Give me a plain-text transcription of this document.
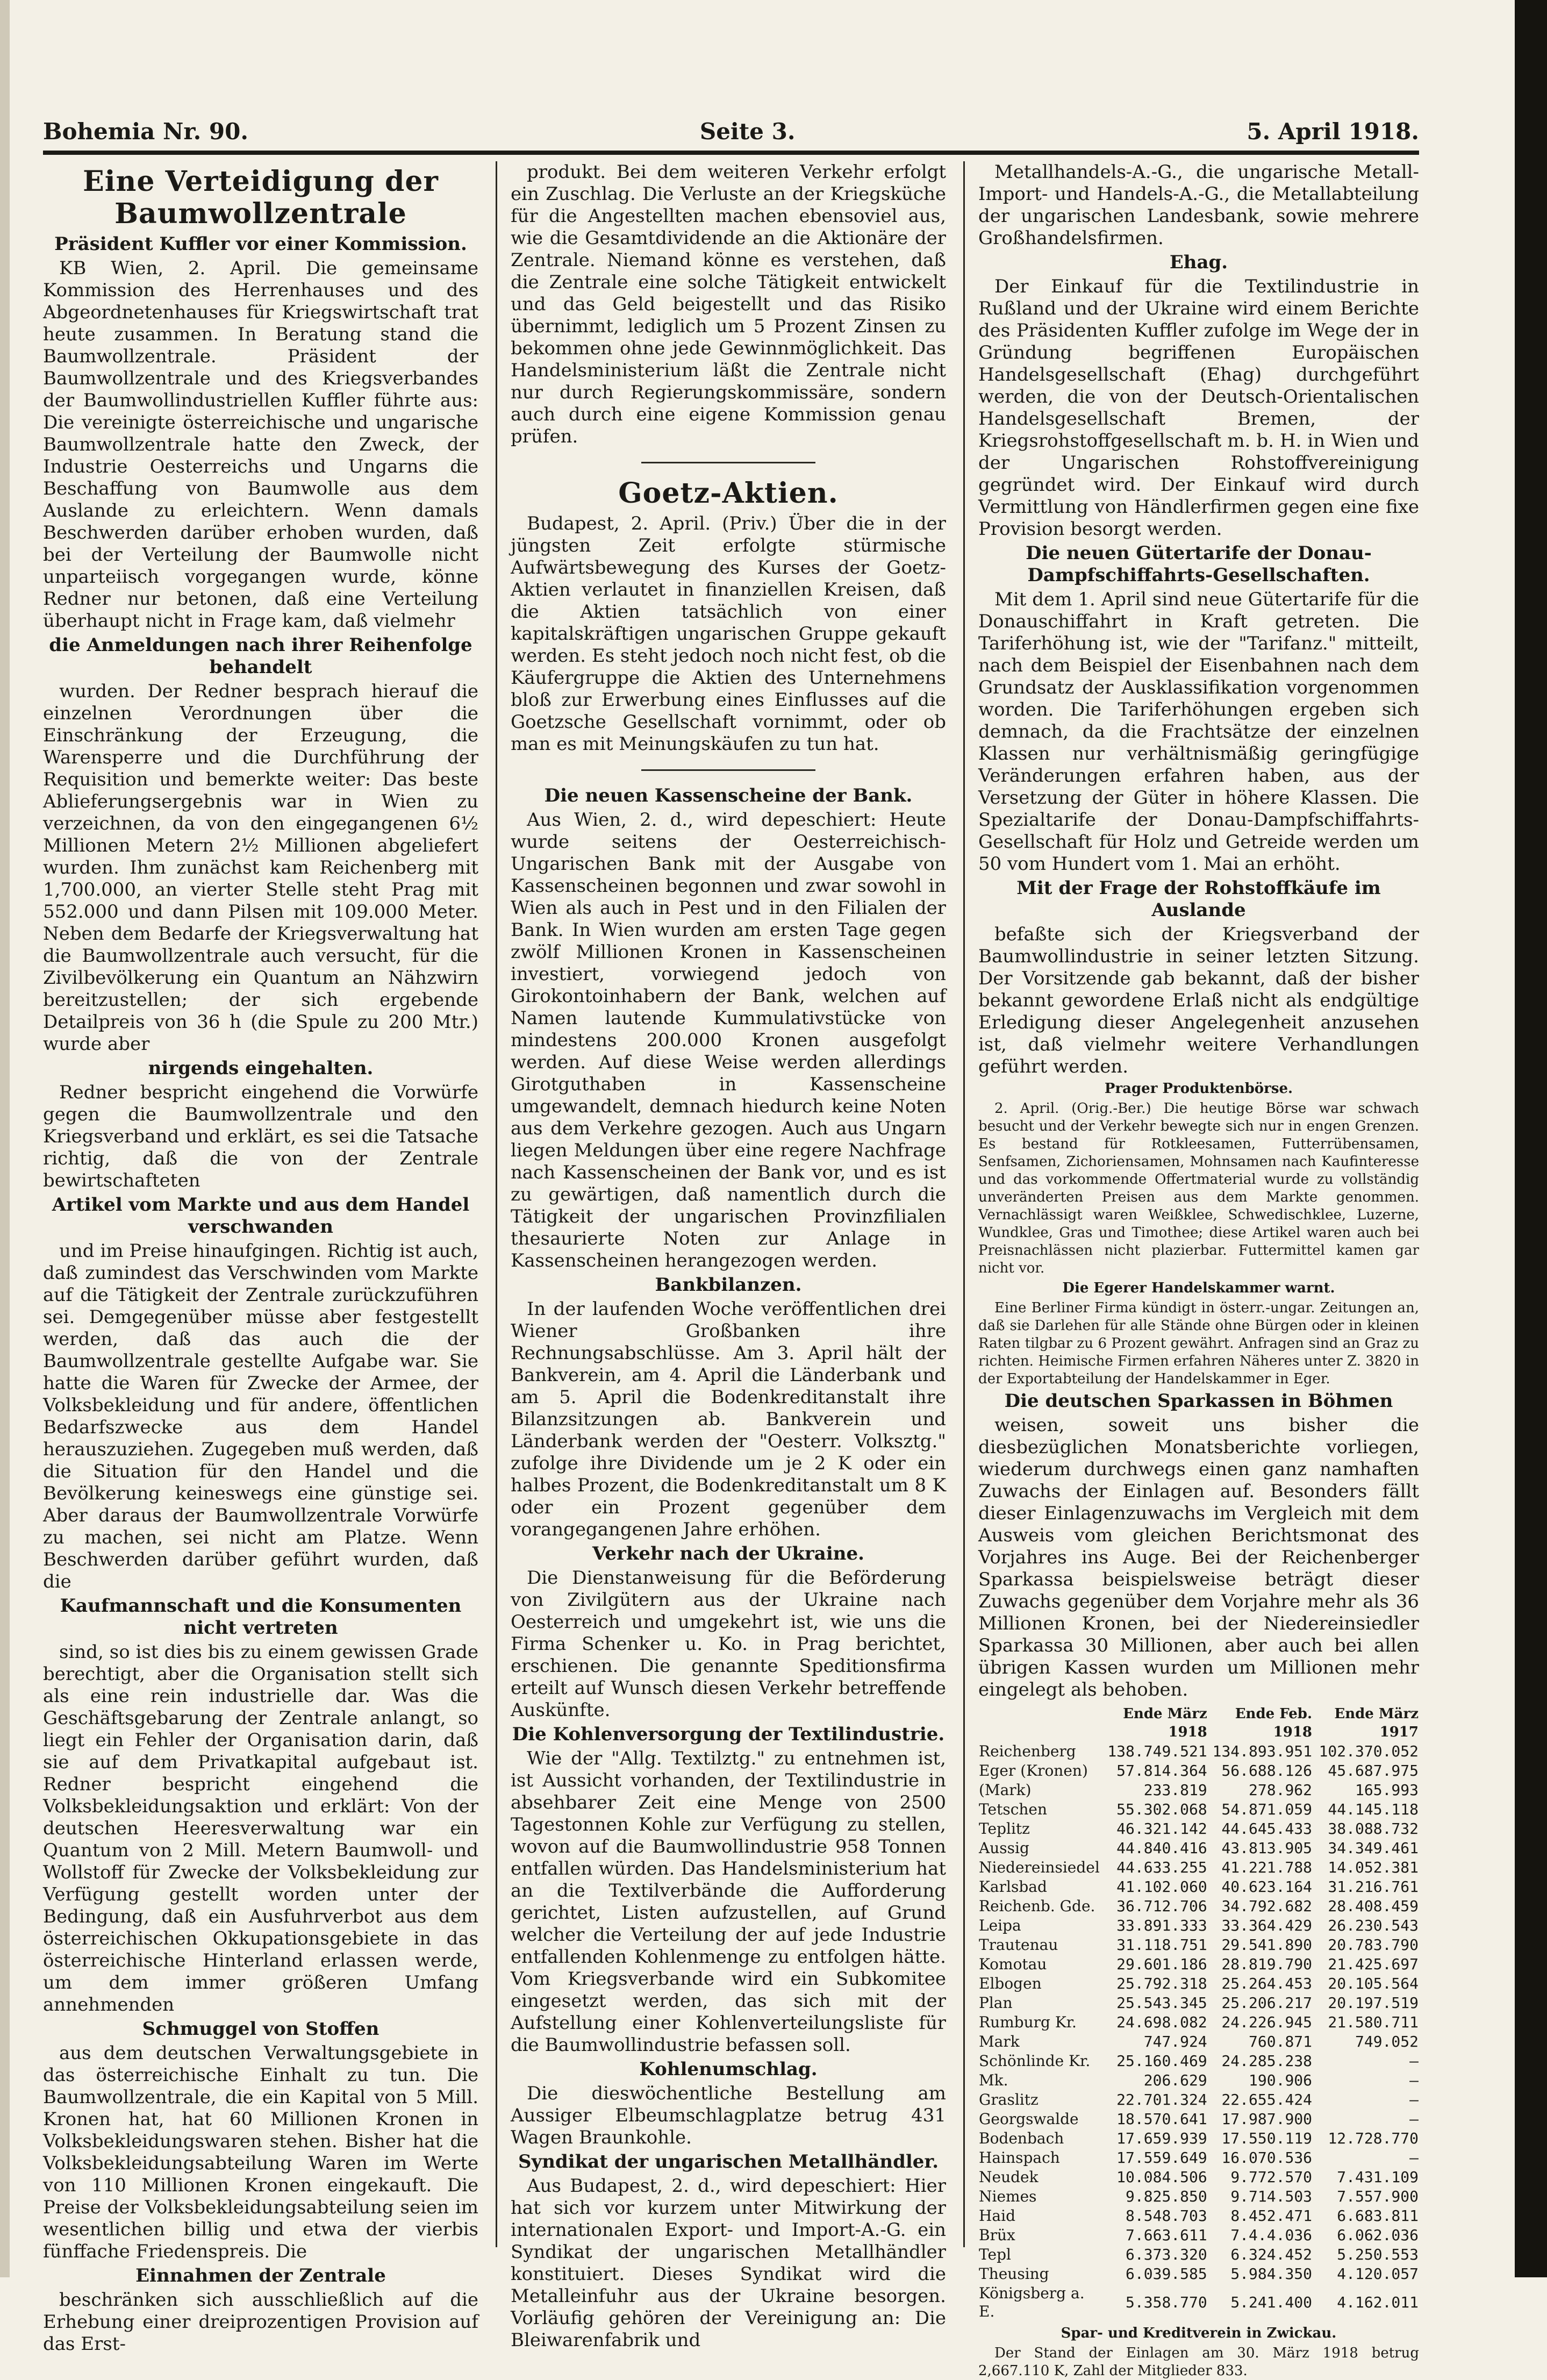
Bohemia Nr. 90.	Seite 3.	5. April 1918.
Eine Verteidigung der Baumwollzentrale
Präsident Kuffler vor einer Kommission.

KB Wien, 2. April. Die gemeinsame Kommission des Herrenhauses und des Abgeordnetenhauses für Kriegswirtschaft trat heute zusammen. In Beratung stand die Baumwollzentrale. Präsident der Baumwollzentrale und des Kriegsverbandes der Baumwollindustriellen Kuffler führte aus: Die vereinigte österreichische und ungarische Baumwollzentrale hatte den Zweck, der Industrie Oesterreichs und Ungarns die Beschaffung von Baumwolle aus dem Auslande zu erleichtern. Wenn damals Beschwerden darüber erhoben wurden, daß bei der Verteilung der Baumwolle nicht unparteiisch vorgegangen wurde, könne Redner nur betonen, daß eine Verteilung überhaupt nicht in Frage kam, daß vielmehr

die Anmeldungen nach ihrer Reihenfolge behandelt

wurden. Der Redner besprach hierauf die einzelnen Verordnungen über die Einschränkung der Erzeugung, die Warensperre und die Durchführung der Requisition und bemerkte weiter: Das beste Ablieferungsergebnis war in Wien zu verzeichnen, da von den eingegangenen 6½ Millionen Metern 2½ Millionen abgeliefert wurden. Ihm zunächst kam Reichenberg mit 1,700.000, an vierter Stelle steht Prag mit 552.000 und dann Pilsen mit 109.000 Meter. Neben dem Bedarfe der Kriegsverwaltung hat die Baumwollzentrale auch versucht, für die Zivilbevölkerung ein Quantum an Nähzwirn bereitzustellen; der sich ergebende Detailpreis von 36 h (die Spule zu 200 Mtr.) wurde aber

nirgends eingehalten.

Redner bespricht eingehend die Vorwürfe gegen die Baumwollzentrale und den Kriegsverband und erklärt, es sei die Tatsache richtig, daß die von der Zentrale bewirtschafteten

Artikel vom Markte und aus dem Handel verschwanden

und im Preise hinaufgingen. Richtig ist auch, daß zumindest das Verschwinden vom Markte auf die Tätigkeit der Zentrale zurückzuführen sei. Demgegenüber müsse aber festgestellt werden, daß das auch die der Baumwollzentrale gestellte Aufgabe war. Sie hatte die Waren für Zwecke der Armee, der Volksbekleidung und für andere, öffentlichen Bedarfszwecke aus dem Handel herauszuziehen. Zugegeben muß werden, daß die Situation für den Handel und die Bevölkerung keineswegs eine günstige sei. Aber daraus der Baumwollzentrale Vorwürfe zu machen, sei nicht am Platze. Wenn Beschwerden darüber geführt wurden, daß die

Kaufmannschaft und die Konsumenten nicht vertreten

sind, so ist dies bis zu einem gewissen Grade berechtigt, aber die Organisation stellt sich als eine rein industrielle dar. Was die Geschäftsgebarung der Zentrale anlangt, so liegt ein Fehler der Organisation darin, daß sie auf dem Privatkapital aufgebaut ist. Redner bespricht eingehend die Volksbekleidungsaktion und erklärt: Von der deutschen Heeresverwaltung war ein Quantum von 2 Mill. Metern Baumwoll- und Wollstoff für Zwecke der Volksbekleidung zur Verfügung gestellt worden unter der Bedingung, daß ein Ausfuhrverbot aus dem österreichischen Okkupationsgebiete in das österreichische Hinterland erlassen werde, um dem immer größeren Umfang annehmenden

Schmuggel von Stoffen

aus dem deutschen Verwaltungsgebiete in das österreichische Einhalt zu tun. Die Baumwollzentrale, die ein Kapital von 5 Mill. Kronen hat, hat 60 Millionen Kronen in Volksbekleidungswaren stehen. Bisher hat die Volksbekleidungsabteilung Waren im Werte von 110 Millionen Kronen eingekauft. Die Preise der Volksbekleidungsabteilung seien im wesentlichen billig und etwa der vierbis fünffache Friedenspreis. Die

Einnahmen der Zentrale

beschränken sich ausschließlich auf die Erhebung einer dreiprozentigen Provision auf das Erst-

produkt. Bei dem weiteren Verkehr erfolgt ein Zuschlag. Die Verluste an der Kriegsküche für die Angestellten machen ebensoviel aus, wie die Gesamtdividende an die Aktionäre der Zentrale. Niemand könne es verstehen, daß die Zentrale eine solche Tätigkeit entwickelt und das Geld beigestellt und das Risiko übernimmt, lediglich um 5 Prozent Zinsen zu bekommen ohne jede Gewinnmöglichkeit. Das Handelsministerium läßt die Zentrale nicht nur durch Regierungskommissäre, sondern auch durch eine eigene Kommission genau prüfen.

Goetz-Aktien.

Budapest, 2. April. (Priv.) Über die in der jüngsten Zeit erfolgte stürmische Aufwärtsbewegung des Kurses der Goetz-Aktien verlautet in finanziellen Kreisen, daß die Aktien tatsächlich von einer kapitalskräftigen ungarischen Gruppe gekauft werden. Es steht jedoch noch nicht fest, ob die Käufergruppe die Aktien des Unternehmens bloß zur Erwerbung eines Einflusses auf die Goetzsche Gesellschaft vornimmt, oder ob man es mit Meinungskäufen zu tun hat.

Die neuen Kassenscheine der Bank.

Aus Wien, 2. d., wird depeschiert: Heute wurde seitens der Oesterreichisch-Ungarischen Bank mit der Ausgabe von Kassenscheinen begonnen und zwar sowohl in Wien als auch in Pest und in den Filialen der Bank. In Wien wurden am ersten Tage gegen zwölf Millionen Kronen in Kassenscheinen investiert, vorwiegend jedoch von Girokontoinhabern der Bank, welchen auf Namen lautende Kummulativstücke von mindestens 200.000 Kronen ausgefolgt werden. Auf diese Weise werden allerdings Girotguthaben in Kassenscheine umgewandelt, demnach hiedurch keine Noten aus dem Verkehre gezogen. Auch aus Ungarn liegen Meldungen über eine regere Nachfrage nach Kassenscheinen der Bank vor, und es ist zu gewärtigen, daß namentlich durch die Tätigkeit der ungarischen Provinzfilialen thesaurierte Noten zur Anlage in Kassenscheinen herangezogen werden.

Bankbilanzen.

In der laufenden Woche veröffentlichen drei Wiener Großbanken ihre Rechnungsabschlüsse. Am 3. April hält der Bankverein, am 4. April die Länderbank und am 5. April die Bodenkreditanstalt ihre Bilanzsitzungen ab. Bankverein und Länderbank werden der "Oesterr. Volksztg." zufolge ihre Dividende um je 2 K oder ein halbes Prozent, die Bodenkreditanstalt um 8 K oder ein Prozent gegenüber dem vorangegangenen Jahre erhöhen.

Verkehr nach der Ukraine.

Die Dienstanweisung für die Beförderung von Zivilgütern aus der Ukraine nach Oesterreich und umgekehrt ist, wie uns die Firma Schenker u. Ko. in Prag berichtet, erschienen. Die genannte Speditionsfirma erteilt auf Wunsch diesen Verkehr betreffende Auskünfte.

Die Kohlenversorgung der Textilindustrie.

Wie der "Allg. Textilztg." zu entnehmen ist, ist Aussicht vorhanden, der Textilindustrie in absehbarer Zeit eine Menge von 2500 Tagestonnen Kohle zur Verfügung zu stellen, wovon auf die Baumwollindustrie 958 Tonnen entfallen würden. Das Handelsministerium hat an die Textilverbände die Aufforderung gerichtet, Listen aufzustellen, auf Grund welcher die Verteilung der auf jede Industrie entfallenden Kohlenmenge zu entfolgen hätte. Vom Kriegsverbande wird ein Subkomitee eingesetzt werden, das sich mit der Aufstellung einer Kohlenverteilungsliste für die Baumwollindustrie befassen soll.

Kohlenumschlag.

Die dieswöchentliche Bestellung am Aussiger Elbeumschlagplatze betrug 431 Wagen Braunkohle.

Syndikat der ungarischen Metallhändler.

Aus Budapest, 2. d., wird depeschiert: Hier hat sich vor kurzem unter Mitwirkung der internationalen Export- und Import-A.-G. ein Syndikat der ungarischen Metallhändler konstituiert. Dieses Syndikat wird die Metalleinfuhr aus der Ukraine besorgen. Vorläufig gehören der Vereinigung an: Die Bleiwarenfabrik und

Metallhandels-A.-G., die ungarische Metall-Import- und Handels-A.-G., die Metallabteilung der ungarischen Landesbank, sowie mehrere Großhandelsfirmen.

Ehag.

Der Einkauf für die Textilindustrie in Rußland und der Ukraine wird einem Berichte des Präsidenten Kuffler zufolge im Wege der in Gründung begriffenen Europäischen Handelsgesellschaft (Ehag) durchgeführt werden, die von der Deutsch-Orientalischen Handelsgesellschaft Bremen, der Kriegsrohstoffgesellschaft m. b. H. in Wien und der Ungarischen Rohstoffvereinigung gegründet wird. Der Einkauf wird durch Vermittlung von Händlerfirmen gegen eine fixe Provision besorgt werden.

Die neuen Gütertarife der Donau-Dampfschiffahrts-Gesellschaften.

Mit dem 1. April sind neue Gütertarife für die Donauschiffahrt in Kraft getreten. Die Tariferhöhung ist, wie der "Tarifanz." mitteilt, nach dem Beispiel der Eisenbahnen nach dem Grundsatz der Ausklassifikation vorgenommen worden. Die Tariferhöhungen ergeben sich demnach, da die Frachtsätze der einzelnen Klassen nur verhältnismäßig geringfügige Veränderungen erfahren haben, aus der Versetzung der Güter in höhere Klassen. Die Spezialtarife der Donau-Dampfschiffahrts-Gesellschaft für Holz und Getreide werden um 50 vom Hundert vom 1. Mai an erhöht.

Mit der Frage der Rohstoffkäufe im Auslande

befaßte sich der Kriegsverband der Baumwollindustrie in seiner letzten Sitzung. Der Vorsitzende gab bekannt, daß der bisher bekannt gewordene Erlaß nicht als endgültige Erledigung dieser Angelegenheit anzusehen ist, daß vielmehr weitere Verhandlungen geführt werden.

Prager Produktenbörse.

2. April. (Orig.-Ber.) Die heutige Börse war schwach besucht und der Verkehr bewegte sich nur in engen Grenzen. Es bestand für Rotkleesamen, Futterrübensamen, Senfsamen, Zichoriensamen, Mohnsamen nach Kaufinteresse und das vorkommende Offertmaterial wurde zu vollständig unveränderten Preisen aus dem Markte genommen. Vernachlässigt waren Weißklee, Schwedischklee, Luzerne, Wundklee, Gras und Timothee; diese Artikel waren auch bei Preisnachlässen nicht plazierbar. Futtermittel kamen gar nicht vor.

Die Egerer Handelskammer warnt.

Eine Berliner Firma kündigt in österr.-ungar. Zeitungen an, daß sie Darlehen für alle Stände ohne Bürgen oder in kleinen Raten tilgbar zu 6 Prozent gewährt. Anfragen sind an Graz zu richten. Heimische Firmen erfahren Näheres unter Z. 3820 in der Exportabteilung der Handelskammer in Eger.

Die deutschen Sparkassen in Böhmen

weisen, soweit uns bisher die diesbezüglichen Monatsberichte vorliegen, wiederum durchwegs einen ganz namhaften Zuwachs der Einlagen auf. Besonders fällt dieser Einlagenzuwachs im Vergleich mit dem Ausweis vom gleichen Berichtsmonat des Vorjahres ins Auge. Bei der Reichenberger Sparkassa beispielsweise beträgt dieser Zuwachs gegenüber dem Vorjahre mehr als 36 Millionen Kronen, bei der Niedereinsiedler Sparkassa 30 Millionen, aber auch bei allen übrigen Kassen wurden um Millionen mehr eingelegt als behoben.

	Ende März 1918	Ende Feb. 1918	Ende März 1917
Reichenberg	138.749.521	134.893.951	102.370.052
Eger (Kronen)	57.814.364	56.688.126	45.687.975
(Mark)	233.819	278.962	165.993
Tetschen	55.302.068	54.871.059	44.145.118
Teplitz	46.321.142	44.645.433	38.088.732
Aussig	44.840.416	43.813.905	34.349.461
Niedereinsiedel	44.633.255	41.221.788	14.052.381
Karlsbad	41.102.060	40.623.164	31.216.761
Reichenb. Gde.	36.712.706	34.792.682	28.408.459
Leipa	33.891.333	33.364.429	26.230.543
Trautenau	31.118.751	29.541.890	20.783.790
Komotau	29.601.186	28.819.790	21.425.697
Elbogen	25.792.318	25.264.453	20.105.564
Plan	25.543.345	25.206.217	20.197.519
Rumburg Kr.	24.698.082	24.226.945	21.580.711
Mark	747.924	760.871	749.052
Schönlinde Kr.	25.160.469	24.285.238	—
Mk.	206.629	190.906	—
Graslitz	22.701.324	22.655.424	—
Georgswalde	18.570.641	17.987.900	—
Bodenbach	17.659.939	17.550.119	12.728.770
Hainspach	17.559.649	16.070.536	—
Neudek	10.084.506	9.772.570	7.431.109
Niemes	9.825.850	9.714.503	7.557.900
Haid	8.548.703	8.452.471	6.683.811
Brüx	7.663.611	7.4.4.036	6.062.036
Tepl	6.373.320	6.324.452	5.250.553
Theusing	6.039.585	5.984.350	4.120.057
Königsberg a. E.	5.358.770	5.241.400	4.162.011
Spar- und Kreditverein in Zwickau.

Der Stand der Einlagen am 30. März 1918 betrug 2,667.110 K, Zahl der Mitglieder 833.
